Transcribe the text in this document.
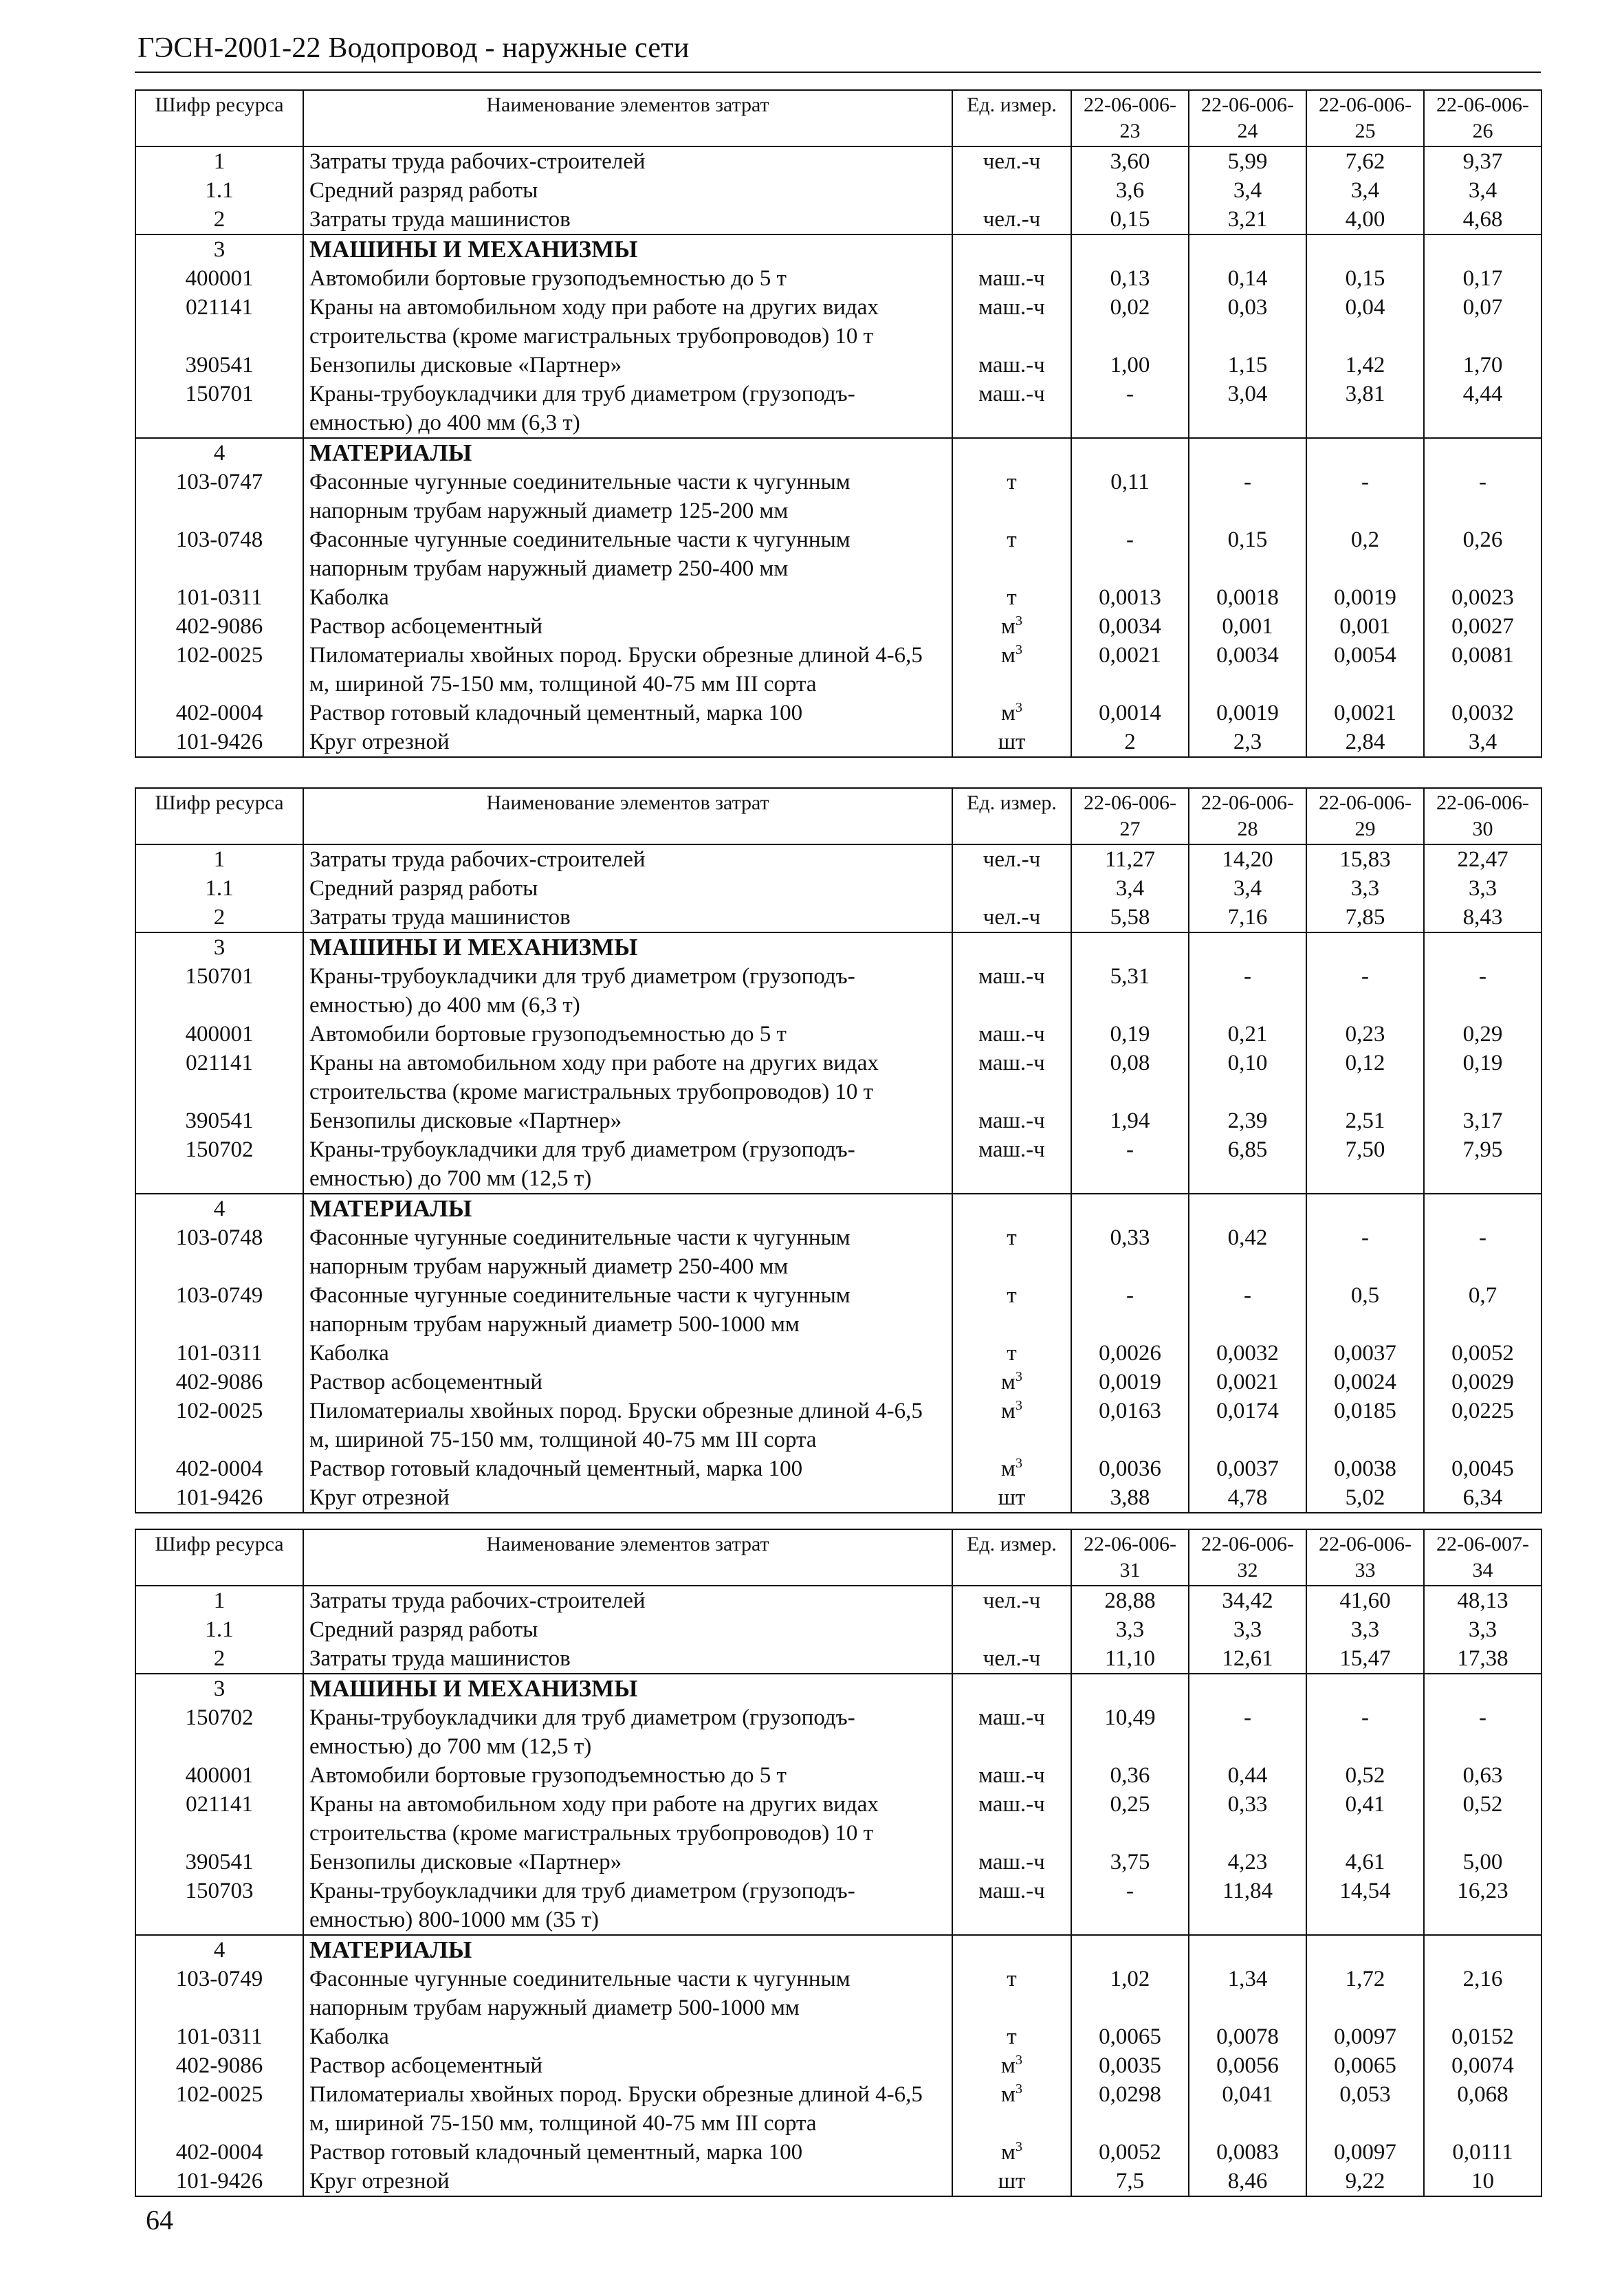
ГЭСН-2001-22 Водопровод - наружные сети
Шифр ресурса	Наименование элементов затрат	Ед. измер.	22-06-006-23	22-06-006-24	22-06-006-25	22-06-006-26
1	Затраты труда рабочих-строителей	чел.-ч	3,60	5,99	7,62	9,37
1.1	Средний разряд работы		3,6	3,4	3,4	3,4
2	Затраты труда машинистов	чел.-ч	0,15	3,21	4,00	4,68
3	МАШИНЫ И МЕХАНИЗМЫ					
400001	Автомобили бортовые грузоподъемностью до 5 т	маш.-ч	0,13	0,14	0,15	0,17
021141	Краны на автомобильном ходу при работе на других видах строительства (кроме магистральных трубопроводов) 10 т	маш.-ч	0,02	0,03	0,04	0,07
390541	Бензопилы дисковые «Партнер»	маш.-ч	1,00	1,15	1,42	1,70
150701	Краны-трубоукладчики для труб диаметром (грузоподъ-емностью) до 400 мм (6,3 т)	маш.-ч	-	3,04	3,81	4,44
4	МАТЕРИАЛЫ					
103-0747	Фасонные чугунные соединительные части к чугунным напорным трубам наружный диаметр 125-200 мм	т	0,11	-	-	-
103-0748	Фасонные чугунные соединительные части к чугунным напорным трубам наружный диаметр 250-400 мм	т	-	0,15	0,2	0,26
101-0311	Каболка	т	0,0013	0,0018	0,0019	0,0023
402-9086	Раствор асбоцементный	$м^3$	0,0034	0,001	0,001	0,0027
102-0025	Пиломатериалы хвойных пород. Бруски обрезные длиной 4-6,5 м, шириной 75-150 мм, толщиной 40-75 мм III сорта	$м^3$	0,0021	0,0034	0,0054	0,0081
402-0004	Раствор готовый кладочный цементный, марка 100	$м^3$	0,0014	0,0019	0,0021	0,0032
101-9426	Круг отрезной	шт	2	2,3	2,84	3,4
Шифр ресурса	Наименование элементов затрат	Ед. измер.	22-06-006-27	22-06-006-28	22-06-006-29	22-06-006-30
1	Затраты труда рабочих-строителей	чел.-ч	11,27	14,20	15,83	22,47
1.1	Средний разряд работы		3,4	3,4	3,3	3,3
2	Затраты труда машинистов	чел.-ч	5,58	7,16	7,85	8,43
3	МАШИНЫ И МЕХАНИЗМЫ					
150701	Краны-трубоукладчики для труб диаметром (грузоподъ-емностью) до 400 мм (6,3 т)	маш.-ч	5,31	-	-	-
400001	Автомобили бортовые грузоподъемностью до 5 т	маш.-ч	0,19	0,21	0,23	0,29
021141	Краны на автомобильном ходу при работе на других видах строительства (кроме магистральных трубопроводов) 10 т	маш.-ч	0,08	0,10	0,12	0,19
390541	Бензопилы дисковые «Партнер»	маш.-ч	1,94	2,39	2,51	3,17
150702	Краны-трубоукладчики для труб диаметром (грузоподъ-емностью) до 700 мм (12,5 т)	маш.-ч	-	6,85	7,50	7,95
4	МАТЕРИАЛЫ					
103-0748	Фасонные чугунные соединительные части к чугунным напорным трубам наружный диаметр 250-400 мм	т	0,33	0,42	-	-
103-0749	Фасонные чугунные соединительные части к чугунным напорным трубам наружный диаметр 500-1000 мм	т	-	-	0,5	0,7
101-0311	Каболка	т	0,0026	0,0032	0,0037	0,0052
402-9086	Раствор асбоцементный	$м^3$	0,0019	0,0021	0,0024	0,0029
102-0025	Пиломатериалы хвойных пород. Бруски обрезные длиной 4-6,5 м, шириной 75-150 мм, толщиной 40-75 мм III сорта	$м^3$	0,0163	0,0174	0,0185	0,0225
402-0004	Раствор готовый кладочный цементный, марка 100	$м^3$	0,0036	0,0037	0,0038	0,0045
101-9426	Круг отрезной	шт	3,88	4,78	5,02	6,34
Шифр ресурса	Наименование элементов затрат	Ед. измер.	22-06-006-31	22-06-006-32	22-06-006-33	22-06-007-34
1	Затраты труда рабочих-строителей	чел.-ч	28,88	34,42	41,60	48,13
1.1	Средний разряд работы		3,3	3,3	3,3	3,3
2	Затраты труда машинистов	чел.-ч	11,10	12,61	15,47	17,38
3	МАШИНЫ И МЕХАНИЗМЫ					
150702	Краны-трубоукладчики для труб диаметром (грузоподъ-емностью) до 700 мм (12,5 т)	маш.-ч	10,49	-	-	-
400001	Автомобили бортовые грузоподъемностью до 5 т	маш.-ч	0,36	0,44	0,52	0,63
021141	Краны на автомобильном ходу при работе на других видах строительства (кроме магистральных трубопроводов) 10 т	маш.-ч	0,25	0,33	0,41	0,52
390541	Бензопилы дисковые «Партнер»	маш.-ч	3,75	4,23	4,61	5,00
150703	Краны-трубоукладчики для труб диаметром (грузоподъ-емностью) 800-1000 мм (35 т)	маш.-ч	-	11,84	14,54	16,23
4	МАТЕРИАЛЫ					
103-0749	Фасонные чугунные соединительные части к чугунным напорным трубам наружный диаметр 500-1000 мм	т	1,02	1,34	1,72	2,16
101-0311	Каболка	т	0,0065	0,0078	0,0097	0,0152
402-9086	Раствор асбоцементный	$м^3$	0,0035	0,0056	0,0065	0,0074
102-0025	Пиломатериалы хвойных пород. Бруски обрезные длиной 4-6,5 м, шириной 75-150 мм, толщиной 40-75 мм III сорта	$м^3$	0,0298	0,041	0,053	0,068
402-0004	Раствор готовый кладочный цементный, марка 100	$м^3$	0,0052	0,0083	0,0097	0,0111
101-9426	Круг отрезной	шт	7,5	8,46	9,22	10
64
